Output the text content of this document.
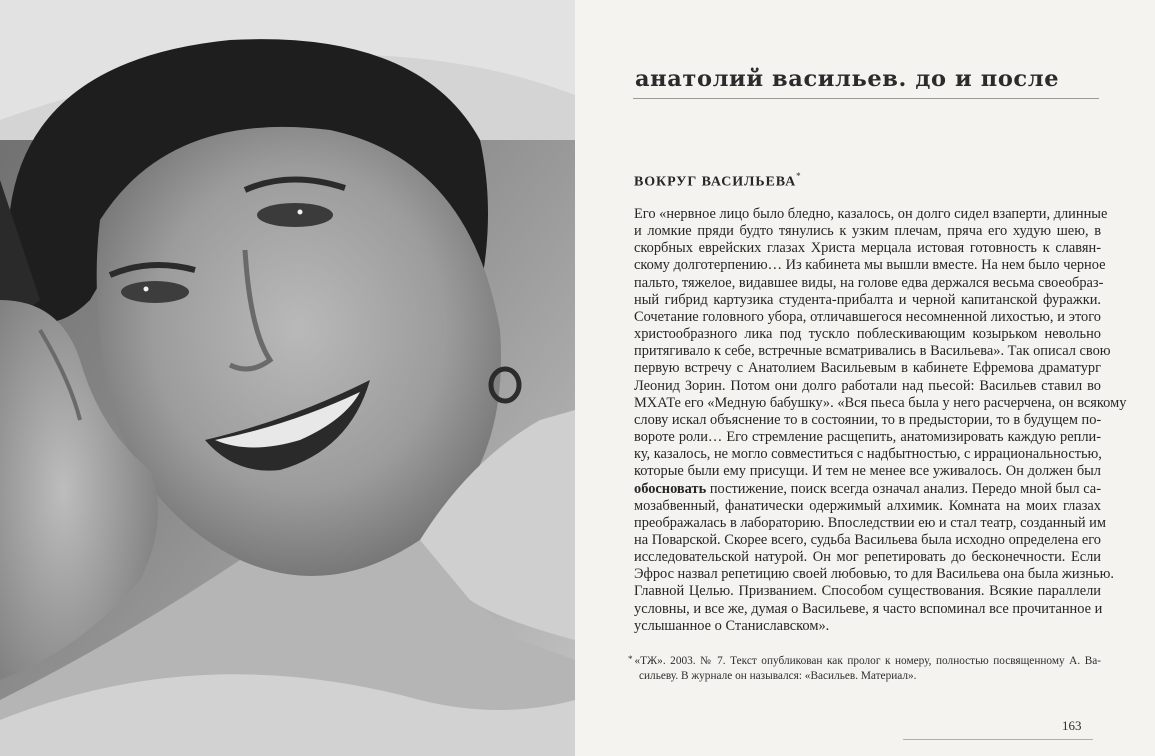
анатолий васильев. до и после
ВОКРУГ ВАСИЛЬЕВА*
Его «нервное лицо было бледно, казалось, он долго сидел взаперти, длинные
и ломкие пряди будто тянулись к узким плечам, пряча его худую шею, в
скорбных еврейских глазах Христа мерцала истовая готовность к славян-
скому долготерпению… Из кабинета мы вышли вместе. На нем было черное
пальто, тяжелое, видавшее виды, на голове едва держался весьма своеобраз-
ный гибрид картузика студента-прибалта и черной капитанской фуражки.
Сочетание головного убора, отличавшегося несомненной лихостью, и этого
христообразного лика под тускло поблескивающим козырьком невольно
притягивало к себе, встречные всматривались в Васильева». Так описал свою
первую встречу с Анатолием Васильевым в кабинете Ефремова драматург
Леонид Зорин. Потом они долго работали над пьесой: Васильев ставил во
МХАТе его «Медную бабушку». «Вся пьеса была у него расчерчена, он всякому
слову искал объяснение то в состоянии, то в предыстории, то в будущем по-
вороте роли… Его стремление расщепить, анатомизировать каждую репли-
ку, казалось, не могло совместиться с надбытностью, с иррациональностью,
которые были ему присущи. И тем не менее все уживалось. Он должен был
обосновать постижение, поиск всегда означал анализ. Передо мной был са-
мозабвенный, фанатически одержимый алхимик. Комната на моих глазах
преображалась в лабораторию. Впоследствии ею и стал театр, созданный им
на Поварской. Скорее всего, судьба Васильева была исходно определена его
исследовательской натурой. Он мог репетировать до бесконечности. Если
Эфрос назвал репетицию своей любовью, то для Васильева она была жизнью.
Главной Целью. Призванием. Способом существования. Всякие параллели
условны, и все же, думая о Васильеве, я часто вспоминал все прочитанное и
услышанное о Станиславском».
* «ТЖ». 2003. № 7. Текст опубликован как пролог к номеру, полностью посвященному А. Ва-
сильеву. В журнале он назывался: «Васильев. Материал».

163
